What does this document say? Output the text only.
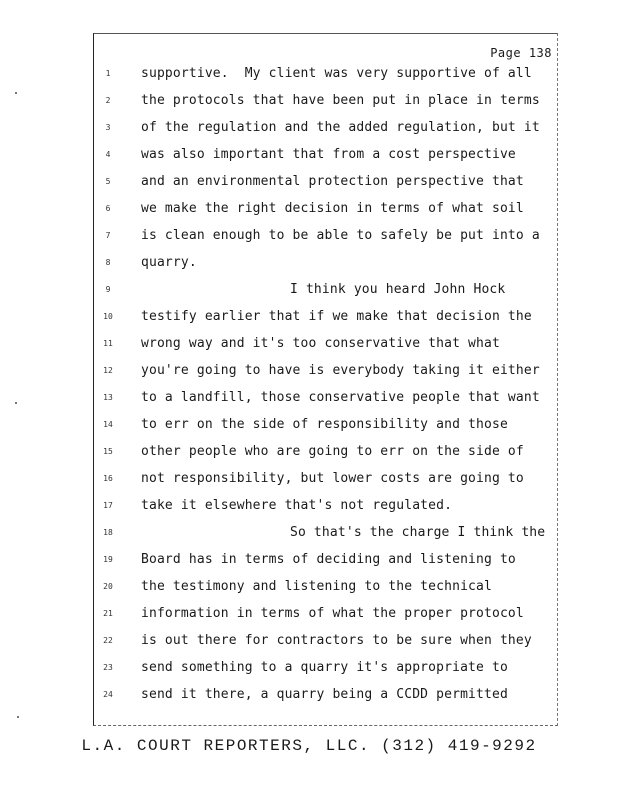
Page 138
1	supportive.  My client was very supportive of all
2	the protocols that have been put in place in terms
3	of the regulation and the added regulation, but it
4	was also important that from a cost perspective
5	and an environmental protection perspective that
6	we make the right decision in terms of what soil
7	is clean enough to be able to safely be put into a
8	quarry.
9	I think you heard John Hock
10 testify earlier that if we make that decision the
11 wrong way and it's too conservative that what
12 you're going to have is everybody taking it either
13 to a landfill, those conservative people that want
14 to err on the side of responsibility and those
15 other people who are going to err on the side of
16 not responsibility, but lower costs are going to
17 take it elsewhere that's not regulated.
18	So that's the charge I think the
19 Board has in terms of deciding and listening to
20 the testimony and listening to the technical
21 information in terms of what the proper protocol
22 is out there for contractors to be sure when they
23 send something to a quarry it's appropriate to
24 send it there, a quarry being a CCDD permitted
L.A. COURT REPORTERS, LLC. (312) 419-9292
